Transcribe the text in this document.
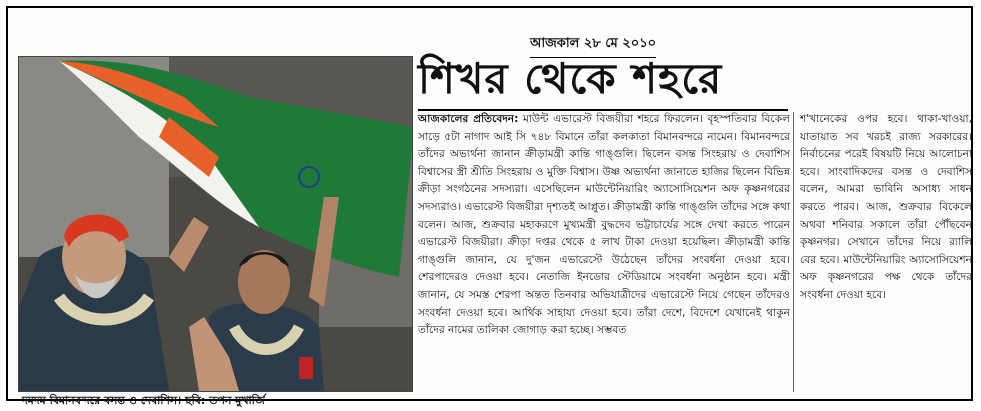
দমদম বিমানবন্দরে বসন্ত ও দেবাশিস। ছবি: তপন মুখার্জি
আজকাল ২৮ মে ২০১০
শিখর থেকে শহরে
আজকালের প্রতিবেদন: মাউন্ট এভারেস্ট বিজয়ীরা শহরে ফিরলেন। বৃহস্পতিবার বিকেল সাড়ে ৫টা নাগাদ আই সি ৭৪৮ বিমানে তাঁরা কলকাতা বিমানবন্দরে নামেন। বিমানবন্দরে তাঁদের অভ্যর্থনা জানান ক্রীড়ামন্ত্রী কান্তি গাঙ্গুলি। ছিলেন বসন্ত সিংহরায় ও দেবাশিস বিশ্বাসের স্ত্রী শ্রীতি সিংহরায় ও মুক্তি বিশ্বাস। উষ্ণ অভ্যর্থনা জানাতে হাজির ছিলেন বিভিন্ন ক্রীড়া সংগঠনের সদস্যরা। এসেছিলেন মাউন্টেনিয়ারিং অ্যাসোসিয়েশন অফ কৃষ্ণনগরের সদস্যরাও। এভারেস্ট বিজয়ীরা দৃশ্যতই আপ্লুত। ক্রীড়ামন্ত্রী কান্তি গাঙ্গুলি তাঁদের সঙ্গে কথা বলেন। আজ, শুক্রবার মহাকরণে মুখ্যমন্ত্রী বুদ্ধদেব ভট্টাচার্যের সঙ্গে দেখা করতে পারেন এভারেস্ট বিজয়ীরা। ক্রীড়া দপ্তর থেকে ৫ লাখ টাকা দেওয়া হয়েছিল। ক্রীড়ামন্ত্রী কান্তি গাঙ্গুলি জানান, যে দু'জন এভারেস্টে উঠেছেন তাঁদের সংবর্ধনা দেওয়া হবে। শেরপাদেরও দেওয়া হবে। নেতাজি ইনডোর স্টেডিয়ামে সংবর্ধনা অনুষ্ঠান হবে। মন্ত্রী জানান, যে সমস্ত শেরপা অন্তত তিনবার অভিযাত্রীদের এভারেস্টে নিয়ে গেছেন তাঁদেরও সংবর্ধনা দেওয়া হবে। আর্থিক সাহায্য দেওয়া হবে। তাঁরা দেশে, বিদেশে যেখানেই থাকুন তাঁদের নামের তালিকা জোগাড় করা হচ্ছে। সম্ভবত
শ'খানেকের ওপর হবে। থাকা-খাওয়া, যাতায়াত সব খরচই রাজ্য সরকারের। নির্বাচনের পরেই বিষয়টি নিয়ে আলোচনা হবে। সাংবাদিকদের বসন্ত ও দেবাশিস বলেন, আমরা ভাবিনি অসাধ্য সাধন করতে পারব। আজ, শুক্রবার বিকেলে অথবা শনিবার সকালে তাঁরা পৌঁছবেন কৃষ্ণনগর। সেখানে তাঁদের নিয়ে র‍্যালি বের হবে। মাউন্টেনিয়ারিং অ্যাসোসিয়েশন অফ কৃষ্ণনগরের পক্ষ থেকে তাঁদের সংবর্ধনা দেওয়া হবে।
